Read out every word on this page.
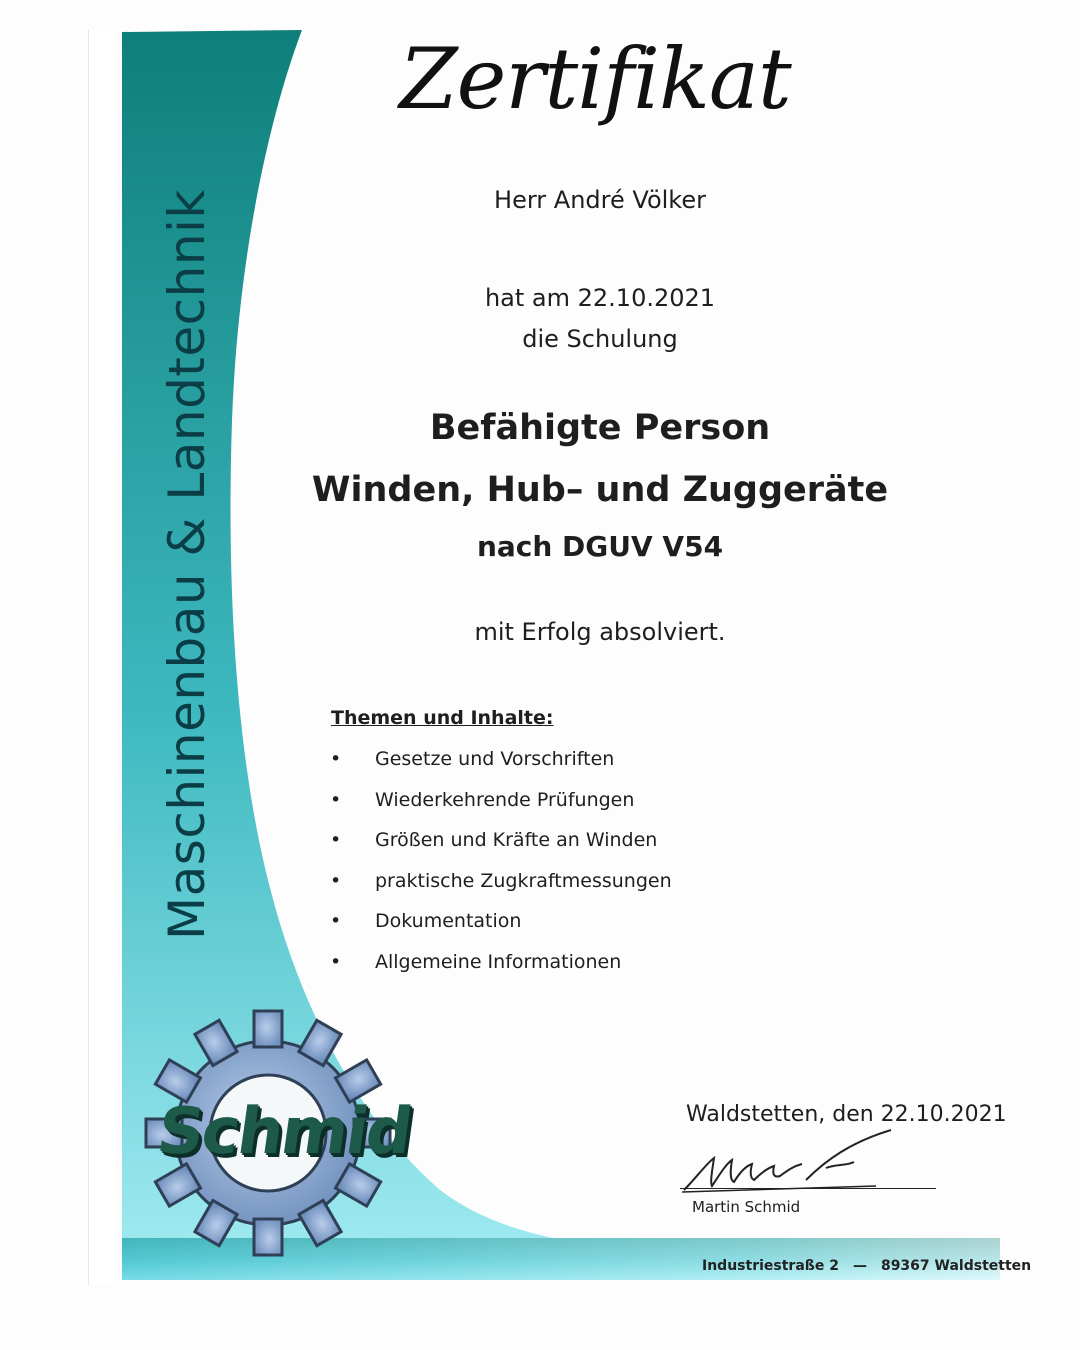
Maschinenbau & Landtechnik
Schmid
Zertifikat
Herr André Völker
hat am 22.10.2021
die Schulung
Befähigte Person
Winden, Hub– und Zuggeräte
nach DGUV V54
mit Erfolg absolviert.
Themen und Inhalte:
• Gesetze und Vorschriften
• Wiederkehrende Prüfungen
• Größen und Kräfte an Winden
• praktische Zugkraftmessungen
• Dokumentation
• Allgemeine Informationen
Waldstetten, den 22.10.2021
Martin Schmid
Industriestraße 2 — 89367 Waldstetten
